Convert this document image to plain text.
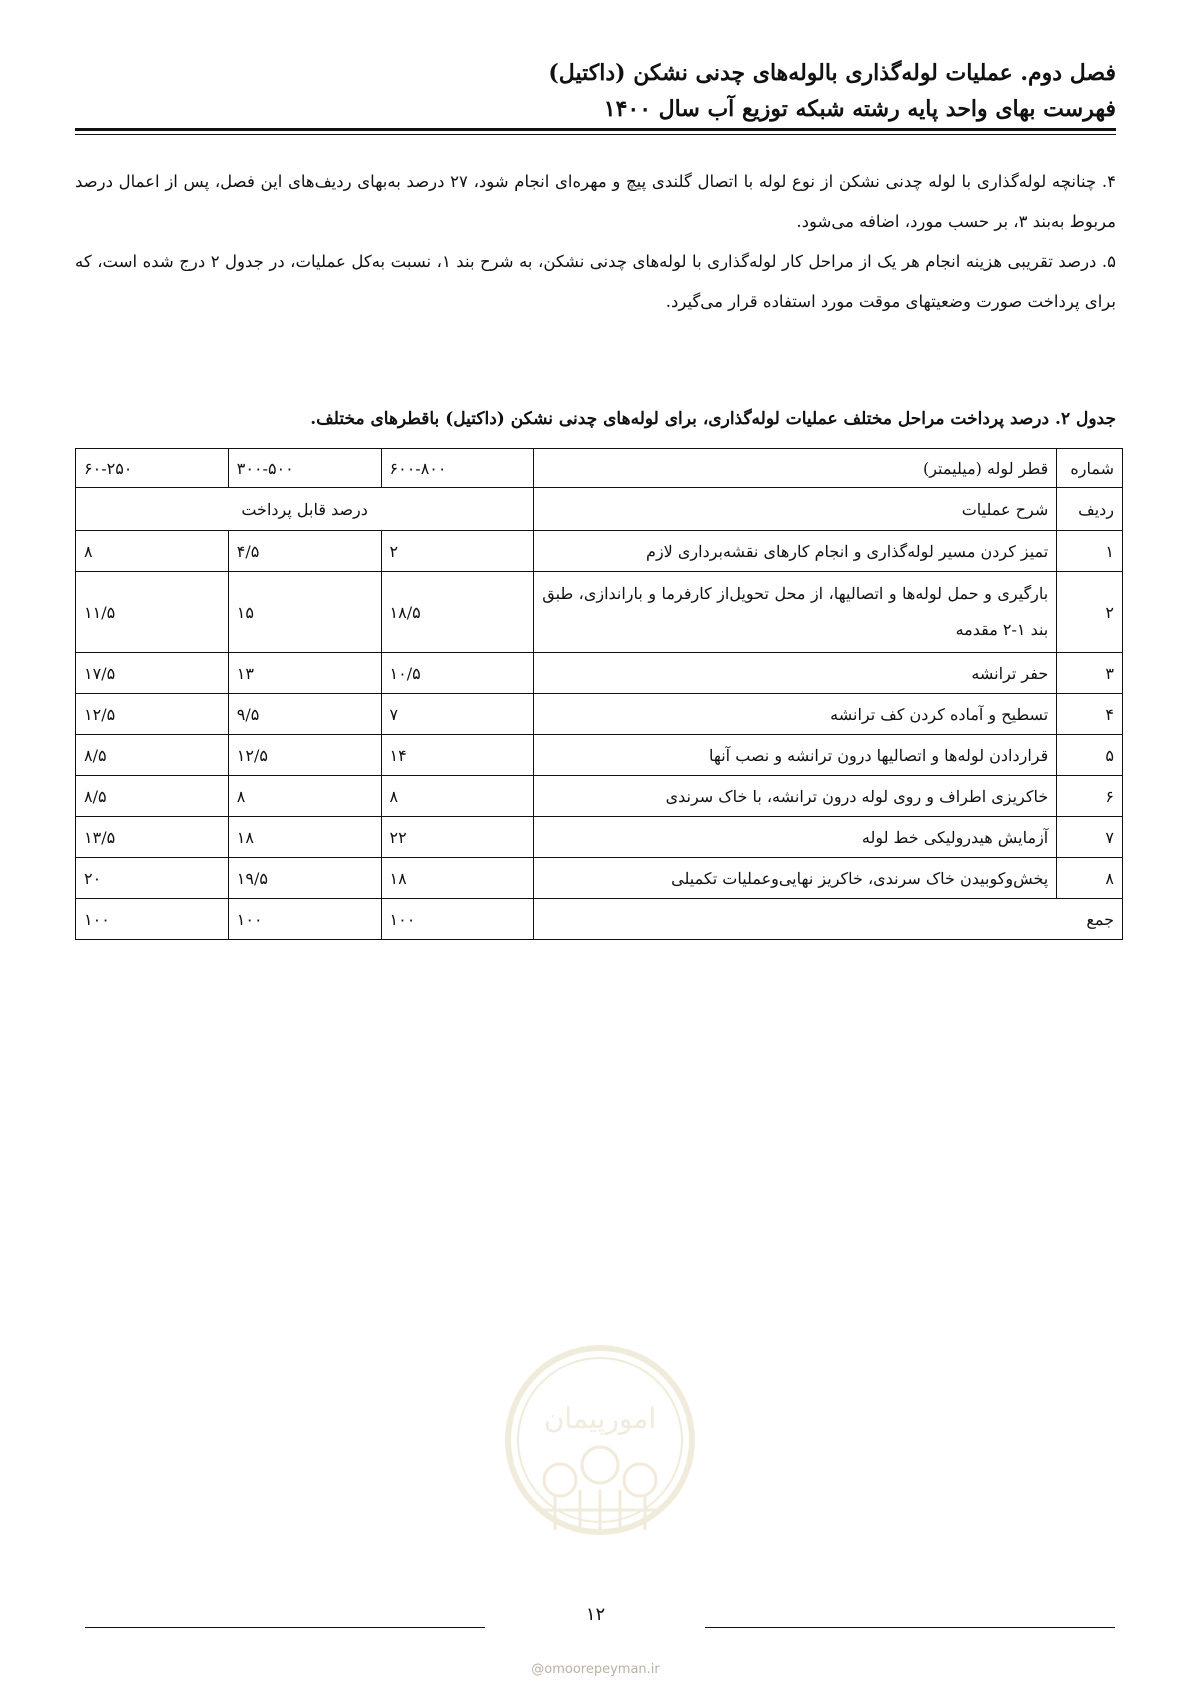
فصل دوم. عملیات لوله‌گذاری بالوله‌های چدنی نشکن (داکتیل)
فهرست بهای واحد پایه رشته شبکه توزیع آب سال ۱۴۰۰

۴. چنانچه لوله‌گذاری با لوله چدنی نشکن از نوع لوله با اتصال گلندی پیچ و مهره‌ای انجام شود، ۲۷ درصد به‌بهای ردیف‌های این فصل، پس از اعمال درصد مربوط به‌بند ۳، بر حسب مورد، اضافه می‌شود.

۵. درصد تقریبی هزینه انجام هر یک از مراحل کار لوله‌گذاری با لوله‌های چدنی نشکن، به شرح بند ۱، نسبت به‌کل عملیات، در جدول ۲ درج شده است، که برای پرداخت صورت وضعیتهای موقت مورد استفاده قرار می‌گیرد.

جدول ۲. درصد پرداخت مراحل مختلف عملیات لوله‌گذاری، برای لوله‌های چدنی نشکن (داکتیل) باقطرهای مختلف.
شماره	قطر لوله (میلیمتر)	۶۰۰-۸۰۰	۳۰۰-۵۰۰	۶۰-۲۵۰

ردیف	شرح عملیات	درصد قابل پرداخت		
۱	تمیز کردن مسیر لوله‌گذاری و انجام کارهای نقشه‌برداری لازم	۲	۴/۵	۸

۲	بارگیری و حمل لوله‌ها و اتصالیها، از محل تحویل‌از کارفرما و باراندازی، طبق بند ۱-۲ مقدمه	۱۸/۵	۱۵	۱۱/۵

۳	حفر ترانشه	۱۰/۵	۱۳	۱۷/۵

۴	تسطیح و آماده کردن کف ترانشه	۷	۹/۵	۱۲/۵

۵	قراردادن لوله‌ها و اتصالیها درون ترانشه و نصب آنها	۱۴	۱۲/۵	۸/۵

۶	خاکریزی اطراف و روی لوله درون ترانشه، با خاک سرندی	۸	۸	۸/۵

۷	آزمایش هیدرولیکی خط لوله	۲۲	۱۸	۱۳/۵

۸	پخش‌وکوبیدن خاک سرندی، خاکریز نهایی‌وعملیات تکمیلی	۱۸	۱۹/۵	۲۰

جمع		۱۰۰	۱۰۰	۱۰۰
امورپیمان
۱۲
@omoorepeyman.ir
